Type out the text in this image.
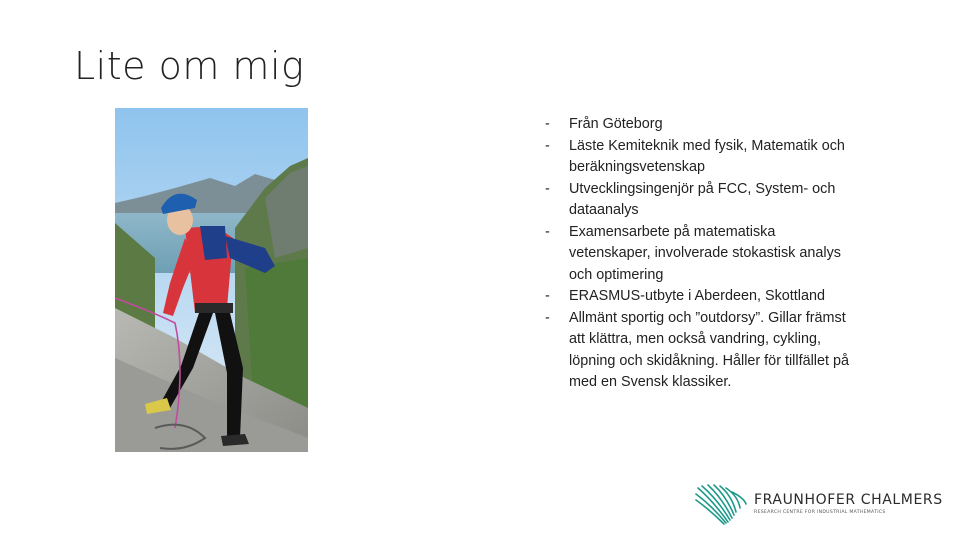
Lite om mig
- Från Göteborg
- Läste Kemiteknik med fysik, Matematik och beräkningsvetenskap
- Utvecklingsingenjör på FCC, System- och dataanalys
- Examensarbete på matematiska vetenskaper, involverade stokastisk analys och optimering
- ERASMUS-utbyte i Aberdeen, Skottland
- Allmänt sportig och ”outdorsy”. Gillar främst att klättra, men också vandring, cykling, löpning och skidåkning. Håller för tillfället på med en Svensk klassiker.
FRAUNHOFER CHALMERS
RESEARCH CENTRE FOR INDUSTRIAL MATHEMATICS
